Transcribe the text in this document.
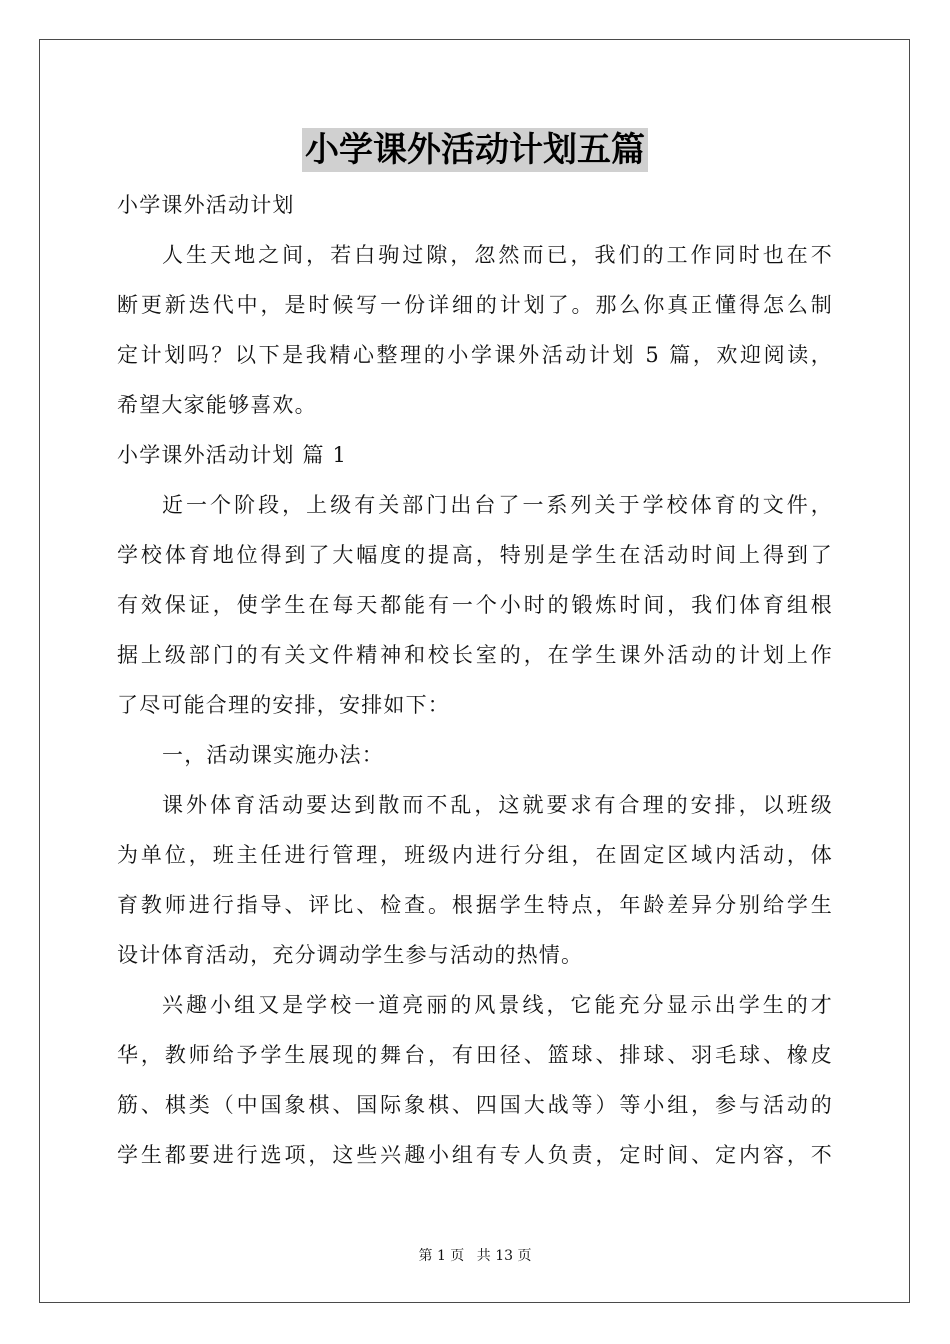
小学课外活动计划五篇
小学课外活动计划
人生天地之间，若白驹过隙，忽然而已，我们的工作同时也在不
断更新迭代中，是时候写一份详细的计划了。那么你真正懂得怎么制
定计划吗？以下是我精心整理的小学课外活动计划 5 篇，欢迎阅读，
希望大家能够喜欢。
小学课外活动计划 篇 1
近一个阶段，上级有关部门出台了一系列关于学校体育的文件，
学校体育地位得到了大幅度的提高，特别是学生在活动时间上得到了
有效保证，使学生在每天都能有一个小时的锻炼时间，我们体育组根
据上级部门的有关文件精神和校长室的，在学生课外活动的计划上作
了尽可能合理的安排，安排如下：
一，活动课实施办法：
课外体育活动要达到散而不乱，这就要求有合理的安排，以班级
为单位，班主任进行管理，班级内进行分组，在固定区域内活动，体
育教师进行指导、评比、检查。根据学生特点，年龄差异分别给学生
设计体育活动，充分调动学生参与活动的热情。
兴趣小组又是学校一道亮丽的风景线，它能充分显示出学生的才
华，教师给予学生展现的舞台，有田径、篮球、排球、羽毛球、橡皮
筋、棋类（中国象棋、国际象棋、四国大战等）等小组，参与活动的
学生都要进行选项，这些兴趣小组有专人负责，定时间、定内容，不
第 1 页 共 13 页
